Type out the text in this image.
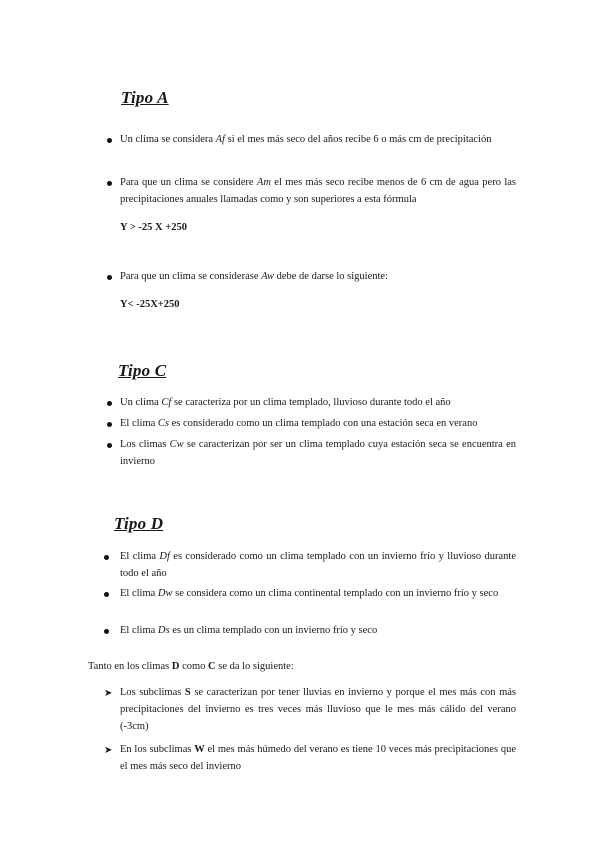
Tipo A
Un clima se considera Af si el mes más seco del años recibe 6 o más cm de precipitación
Para que un clima se considere Am el mes más seco recibe menos de 6 cm de agua pero las precipitaciones anuales llamadas como y son superiores a esta fórmula
Y > -25 X +250
Para que un clima se considerase Aw debe de darse lo siguiente:
Y< -25X+250
Tipo C
Un clima Cf se caracteriza por un clima templado, lluvioso durante todo el año
El clima Cs es considerado como un clima templado con una estación seca en verano
Los climas Cw se caracterizan por ser un clima templado cuya estación seca se encuentra en invierno
Tipo D
El clima Df es considerado como un clima templado con un invierno frío y lluvioso durante todo el año
El clima Dw se considera como un clima continental templado con un invierno frío y seco
El clima Ds es un clima templado con un invierno frío y seco
Tanto en los climas D como C se da lo siguiente:
➤ Los subclimas S se caracterizan por tener lluvias en invierno y porque el mes más con más precipitaciones del invierno es tres veces más lluvioso que le mes más cálido del verano (-3cm)
➤ En los subclimas W el mes más húmedo del verano es tiene 10 veces más precipitaciones que el mes más seco del invierno
